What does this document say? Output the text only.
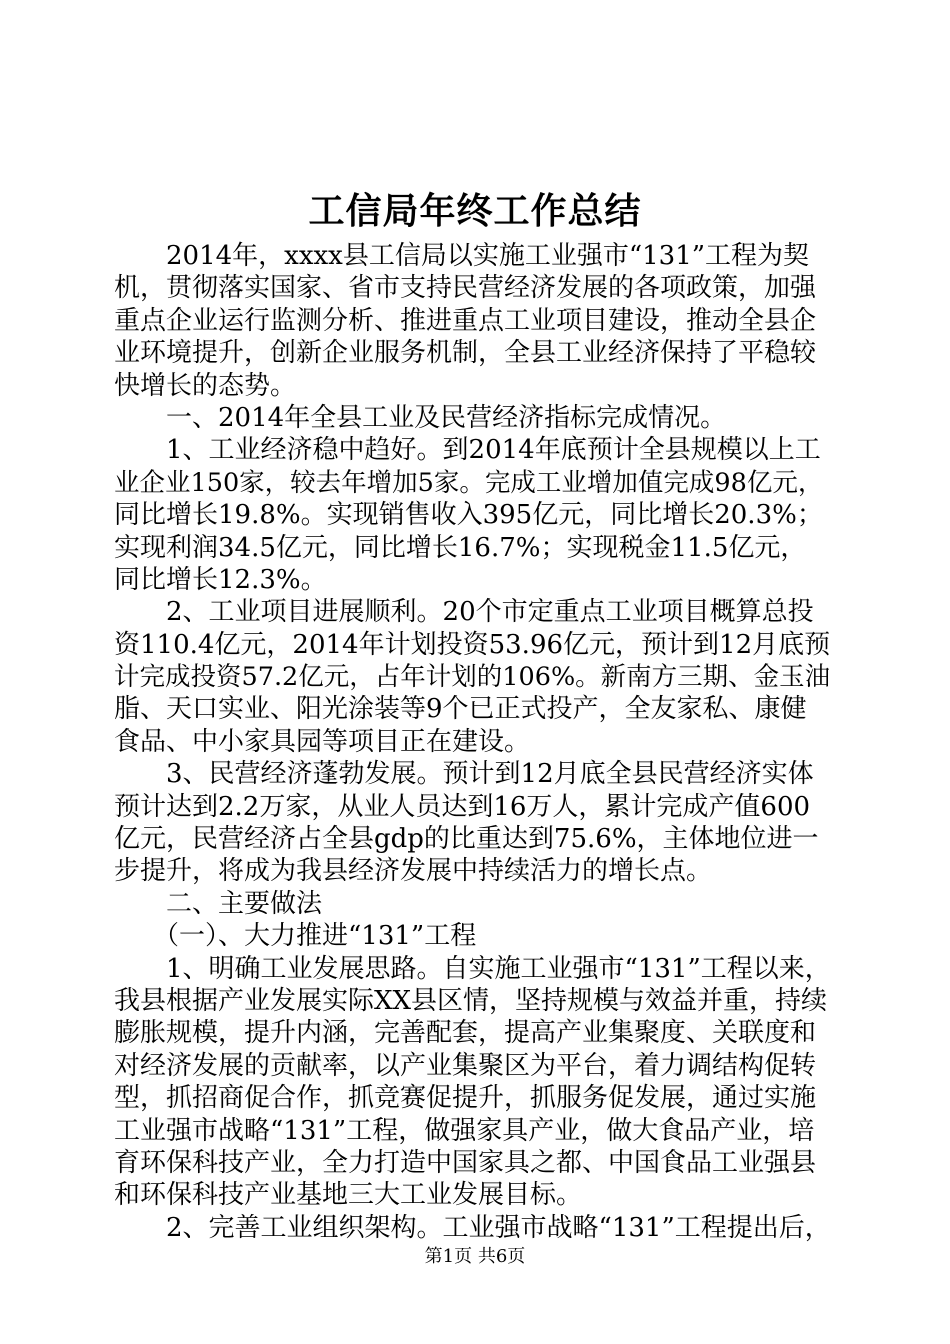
工信局年终工作总结
　　2014年，xxxx县工信局以实施工业强市“131”工程为契
机，贯彻落实国家、省市支持民营经济发展的各项政策，加强
重点企业运行监测分析、推进重点工业项目建设，推动全县企
业环境提升，创新企业服务机制，全县工业经济保持了平稳较
快增长的态势。
　　一、2014年全县工业及民营经济指标完成情况。
　　1、工业经济稳中趋好。到2014年底预计全县规模以上工
业企业150家，较去年增加5家。完成工业增加值完成98亿元，
同比增长19.8%。实现销售收入395亿元，同比增长20.3%；
实现利润34.5亿元，同比增长16.7%；实现税金11.5亿元，
同比增长12.3%。
　　2、工业项目进展顺利。20个市定重点工业项目概算总投
资110.4亿元，2014年计划投资53.96亿元，预计到12月底预
计完成投资57.2亿元，占年计划的106%。新南方三期、金玉油
脂、天口实业、阳光涂装等9个已正式投产，全友家私、康健
食品、中小家具园等项目正在建设。
　　3、民营经济蓬勃发展。预计到12月底全县民营经济实体
预计达到2.2万家，从业人员达到16万人，累计完成产值600
亿元，民营经济占全县gdp的比重达到75.6%，主体地位进一
步提升，将成为我县经济发展中持续活力的增长点。
　　二、主要做法
　　（一）、大力推进“131”工程
　　1、明确工业发展思路。自实施工业强市“131”工程以来，
我县根据产业发展实际XX县区情，坚持规模与效益并重，持续
膨胀规模，提升内涵，完善配套，提高产业集聚度、关联度和
对经济发展的贡献率，以产业集聚区为平台，着力调结构促转
型，抓招商促合作，抓竞赛促提升，抓服务促发展，通过实施
工业强市战略“131”工程，做强家具产业，做大食品产业，培
育环保科技产业，全力打造中国家具之都、中国食品工业强县
和环保科技产业基地三大工业发展目标。
　　2、完善工业组织架构。工业强市战略“131”工程提出后，
第1页 共6页
